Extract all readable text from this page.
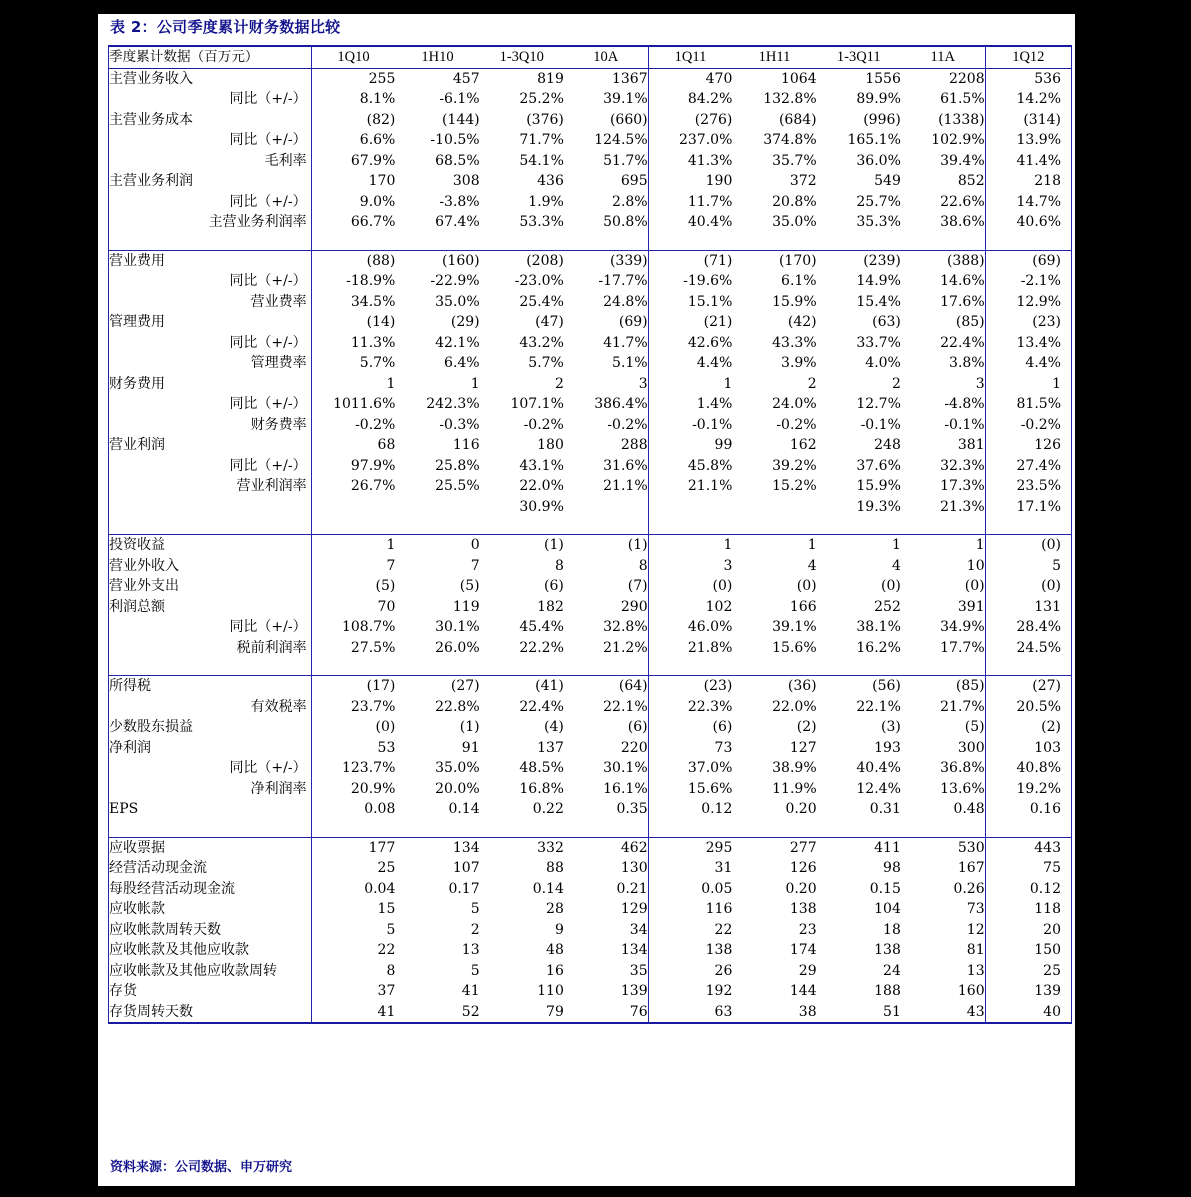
表 2：公司季度累计财务数据比较
季度累计数据（百万元）	1Q10	1H10	1-3Q10	10A	1Q11	1H11	1-3Q11	11A	1Q12
主营业务收入	255	457	819	1367	470	1064	1556	2208	536
同比（+/-）	8.1%	-6.1%	25.2%	39.1%	84.2%	132.8%	89.9%	61.5%	14.2%
主营业务成本	(82)	(144)	(376)	(660)	(276)	(684)	(996)	(1338)	(314)
同比（+/-）	6.6%	-10.5%	71.7%	124.5%	237.0%	374.8%	165.1%	102.9%	13.9%
毛利率	67.9%	68.5%	54.1%	51.7%	41.3%	35.7%	36.0%	39.4%	41.4%
主营业务利润	170	308	436	695	190	372	549	852	218
同比（+/-）	9.0%	-3.8%	1.9%	2.8%	11.7%	20.8%	25.7%	22.6%	14.7%
主营业务利润率	66.7%	67.4%	53.3%	50.8%	40.4%	35.0%	35.3%	38.6%	40.6%

营业费用	(88)	(160)	(208)	(339)	(71)	(170)	(239)	(388)	(69)
同比（+/-）	-18.9%	-22.9%	-23.0%	-17.7%	-19.6%	6.1%	14.9%	14.6%	-2.1%
营业费率	34.5%	35.0%	25.4%	24.8%	15.1%	15.9%	15.4%	17.6%	12.9%
管理费用	(14)	(29)	(47)	(69)	(21)	(42)	(63)	(85)	(23)
同比（+/-）	11.3%	42.1%	43.2%	41.7%	42.6%	43.3%	33.7%	22.4%	13.4%
管理费率	5.7%	6.4%	5.7%	5.1%	4.4%	3.9%	4.0%	3.8%	4.4%
财务费用	1	1	2	3	1	2	2	3	1
同比（+/-）	1011.6%	242.3%	107.1%	386.4%	1.4%	24.0%	12.7%	-4.8%	81.5%
财务费率	-0.2%	-0.3%	-0.2%	-0.2%	-0.1%	-0.2%	-0.1%	-0.1%	-0.2%
营业利润	68	116	180	288	99	162	248	381	126
同比（+/-）	97.9%	25.8%	43.1%	31.6%	45.8%	39.2%	37.6%	32.3%	27.4%
营业利润率	26.7%	25.5%	22.0%	21.1%	21.1%	15.2%	15.9%	17.3%	23.5%
			30.9%				19.3%	21.3%	17.1%

投资收益	1	0	(1)	(1)	1	1	1	1	(0)
营业外收入	7	7	8	8	3	4	4	10	5
营业外支出	(5)	(5)	(6)	(7)	(0)	(0)	(0)	(0)	(0)
利润总额	70	119	182	290	102	166	252	391	131
同比（+/-）	108.7%	30.1%	45.4%	32.8%	46.0%	39.1%	38.1%	34.9%	28.4%
税前利润率	27.5%	26.0%	22.2%	21.2%	21.8%	15.6%	16.2%	17.7%	24.5%

所得税	(17)	(27)	(41)	(64)	(23)	(36)	(56)	(85)	(27)
有效税率	23.7%	22.8%	22.4%	22.1%	22.3%	22.0%	22.1%	21.7%	20.5%
少数股东损益	(0)	(1)	(4)	(6)	(6)	(2)	(3)	(5)	(2)
净利润	53	91	137	220	73	127	193	300	103
同比（+/-）	123.7%	35.0%	48.5%	30.1%	37.0%	38.9%	40.4%	36.8%	40.8%
净利润率	20.9%	20.0%	16.8%	16.1%	15.6%	11.9%	12.4%	13.6%	19.2%
EPS	0.08	0.14	0.22	0.35	0.12	0.20	0.31	0.48	0.16

应收票据	177	134	332	462	295	277	411	530	443
经营活动现金流	25	107	88	130	31	126	98	167	75
每股经营活动现金流	0.04	0.17	0.14	0.21	0.05	0.20	0.15	0.26	0.12
应收帐款	15	5	28	129	116	138	104	73	118
应收帐款周转天数	5	2	9	34	22	23	18	12	20
应收帐款及其他应收款	22	13	48	134	138	174	138	81	150
应收帐款及其他应收款周转	8	5	16	35	26	29	24	13	25
存货	37	41	110	139	192	144	188	160	139
存货周转天数	41	52	79	76	63	38	51	43	40
资料来源：公司数据、申万研究
